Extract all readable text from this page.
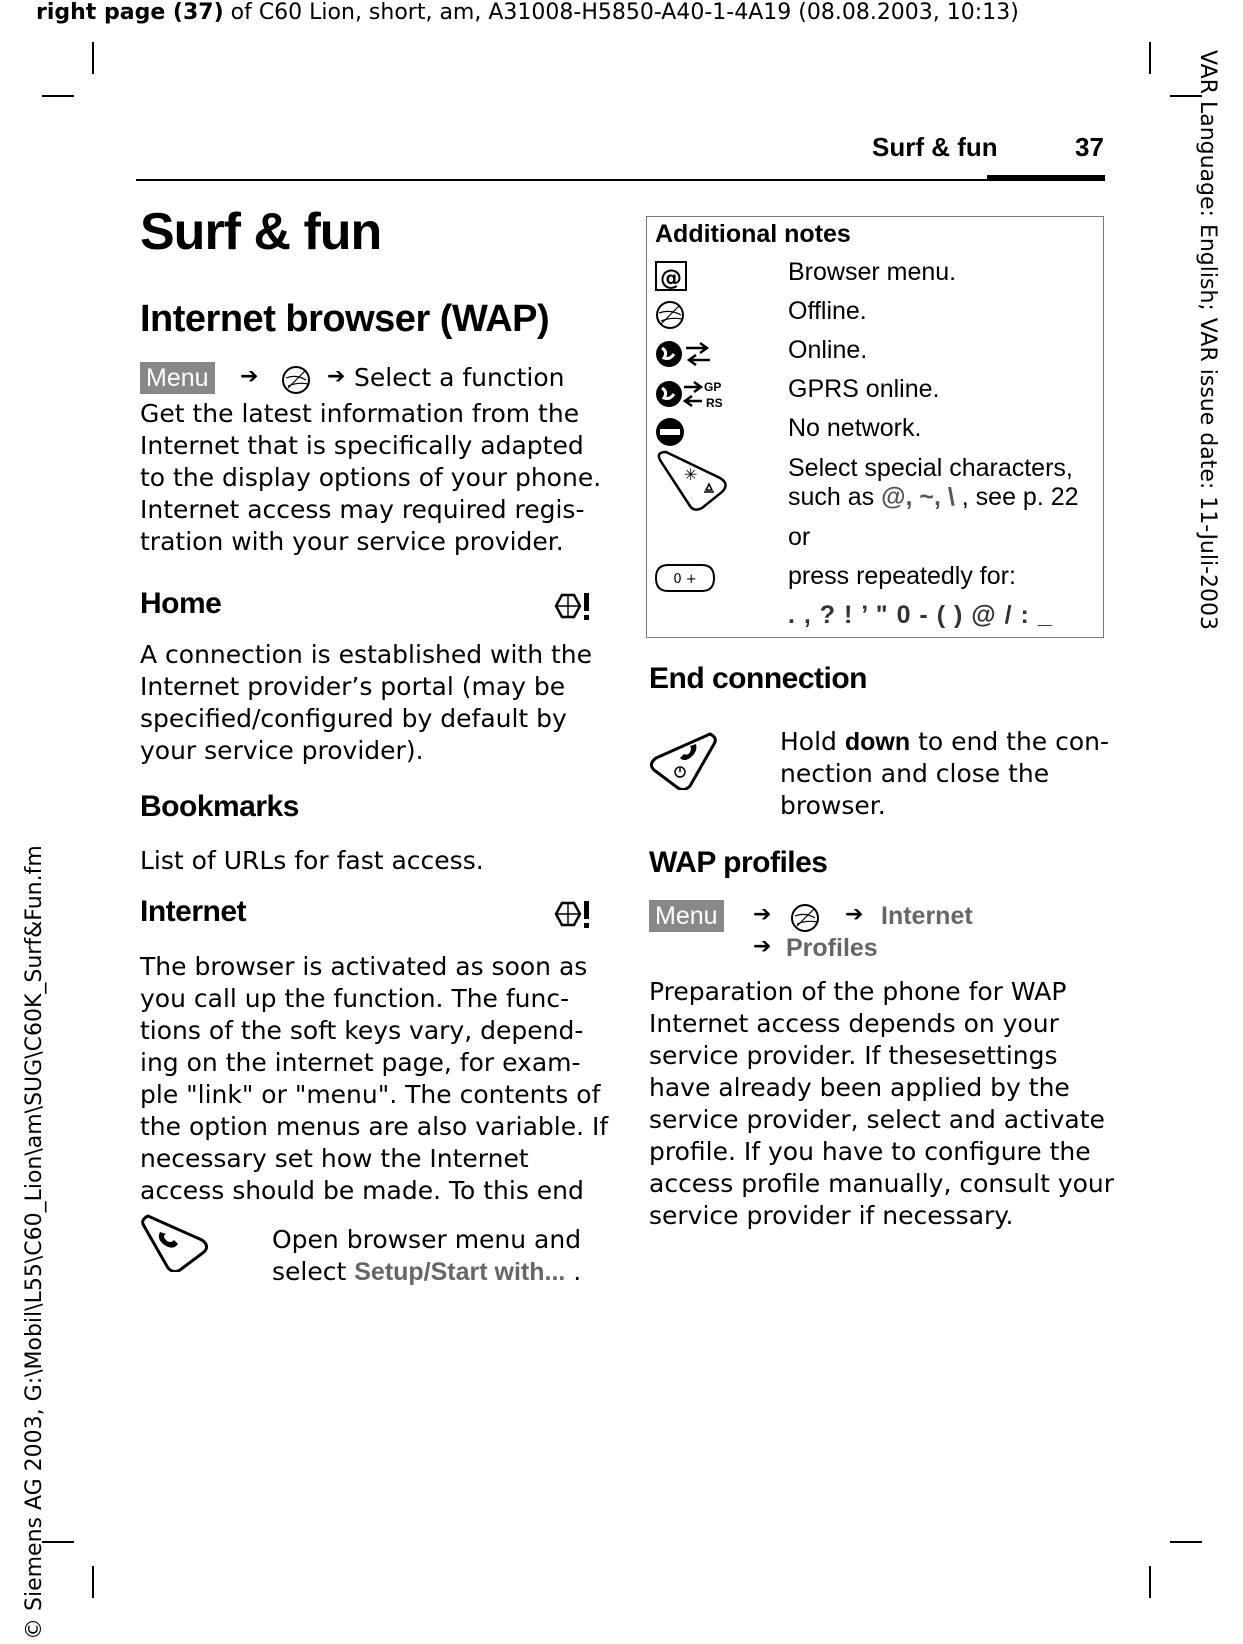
right page (37) of C60 Lion, short, am, A31008-H5850-A40-1-4A19 (08.08.2003, 10:13)
VAR Language: English; VAR issue date: 11-Juli-2003
© Siemens AG 2003, G:\Mobil\L55\C60_Lion\am\SUG\C60K_Surf&Fun.fm
Surf & fun	37
Surf & fun
Internet browser (WAP)
Menu ➔	➔ Select a function
Get the latest information from the
Internet that is specifically adapted
to the display options of your phone.
Internet access may required regis-
tration with your service provider.
Home
A connection is established with the
Internet provider’s portal (may be
specified/configured by default by
your service provider).
Bookmarks
List of URLs for fast access.
Internet
The browser is activated as soon as
you call up the function. The func-
tions of the soft keys vary, depend-
ing on the internet page, for exam-
ple "link" or "menu". The contents of
the option menus are also variable. If
necessary set how the Internet
access should be made. To this end
Open browser menu and
select Setup/Start with... .
Additional notes
@	Browser menu.
Offline.
Online.
GP
RS	GPRS online.
No network.
✳	Select special characters,
such as @, ~, \ , see p. 22
or
0 +	press repeatedly for:
. , ? ! ’ " 0 - ( ) @ / : _
End connection
Hold down to end the con-
nection and close the
browser.
WAP profiles
Menu ➔	➔ Internet
➔ Profiles
Preparation of the phone for WAP
Internet access depends on your
service provider. If thesesettings
have already been applied by the
service provider, select and activate
profile. If you have to configure the
access profile manually, consult your
service provider if necessary.
